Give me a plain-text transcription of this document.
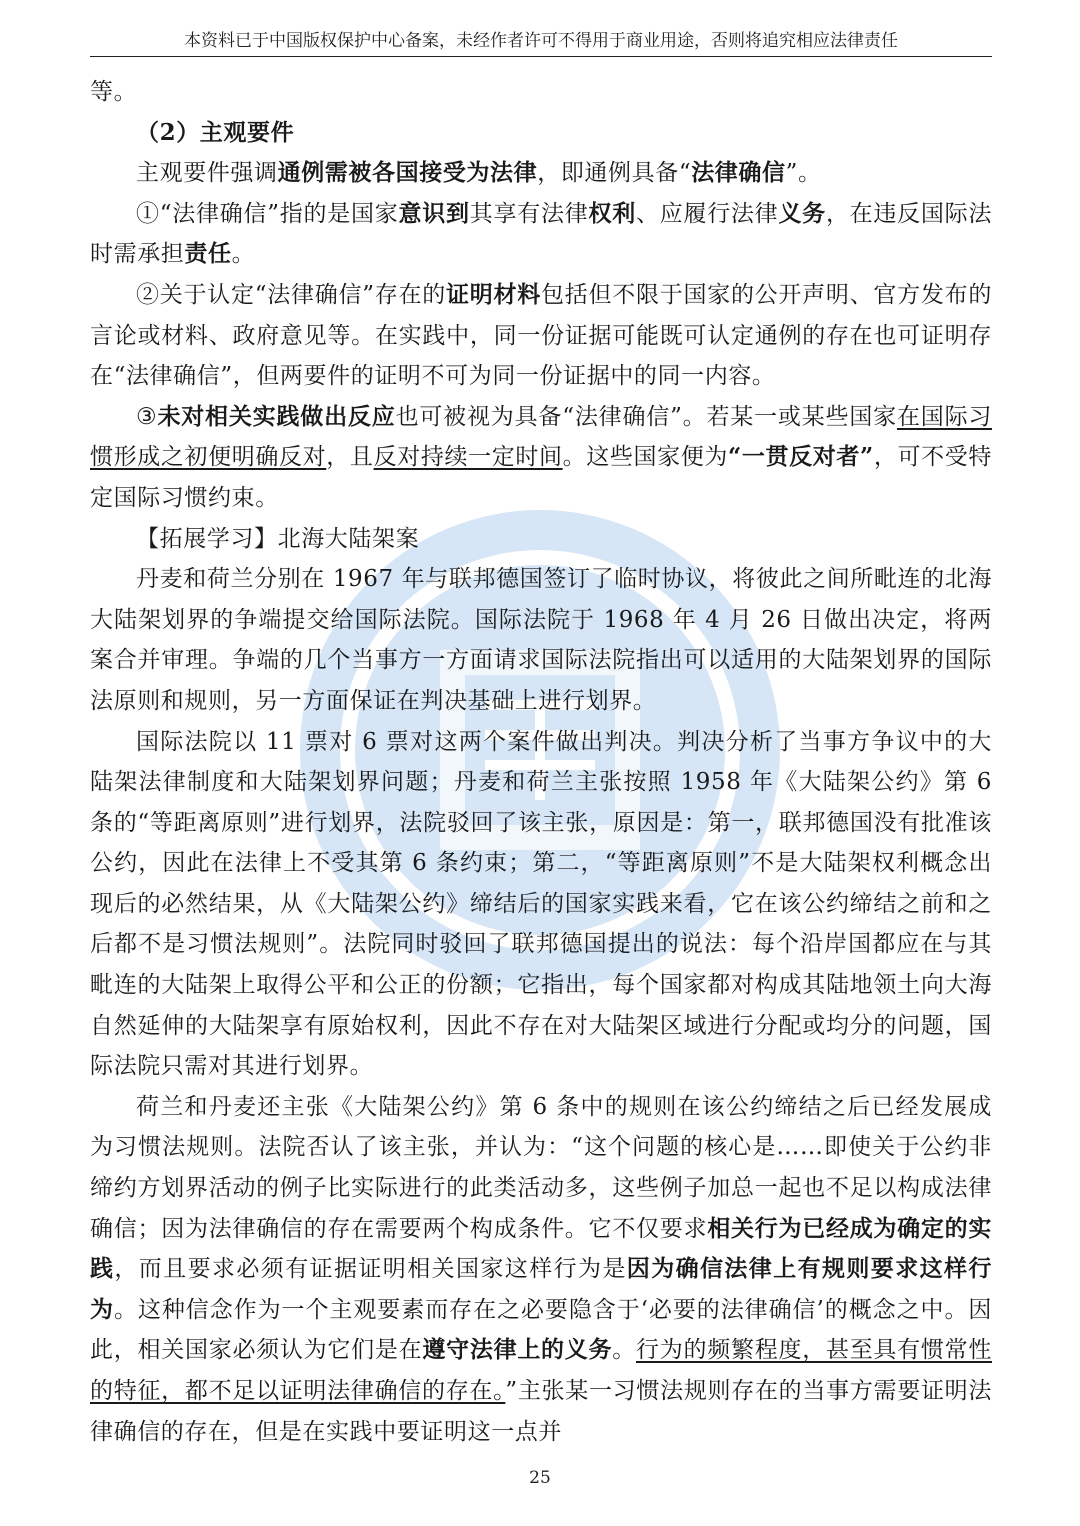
本资料已于中国版权保护中心备案，未经作者许可不得用于商业用途，否则将追究相应法律责任

等。

（2）主观要件

主观要件强调通例需被各国接受为法律，即通例具备“法律确信”。

①“法律确信”指的是国家意识到其享有法律权利、应履行法律义务，在违反国际法时需承担责任。

②关于认定“法律确信”存在的证明材料包括但不限于国家的公开声明、官方发布的言论或材料、政府意见等。在实践中，同一份证据可能既可认定通例的存在也可证明存在“法律确信”，但两要件的证明不可为同一份证据中的同一内容。

③未对相关实践做出反应也可被视为具备“法律确信”。若某一或某些国家在国际习惯形成之初便明确反对，且反对持续一定时间。这些国家便为“一贯反对者”，可不受特定国际习惯约束。

【拓展学习】北海大陆架案

丹麦和荷兰分别在 1967 年与联邦德国签订了临时协议，将彼此之间所毗连的北海大陆架划界的争端提交给国际法院。国际法院于 1968 年 4 月 26 日做出决定，将两案合并审理。争端的几个当事方一方面请求国际法院指出可以适用的大陆架划界的国际法原则和规则，另一方面保证在判决基础上进行划界。

国际法院以 11 票对 6 票对这两个案件做出判决。判决分析了当事方争议中的大陆架法律制度和大陆架划界问题；丹麦和荷兰主张按照 1958 年《大陆架公约》第 6 条的“等距离原则”进行划界，法院驳回了该主张，原因是：第一，联邦德国没有批准该公约，因此在法律上不受其第 6 条约束；第二，“等距离原则”不是大陆架权利概念出现后的必然结果，从《大陆架公约》缔结后的国家实践来看，它在该公约缔结之前和之后都不是习惯法规则”。法院同时驳回了联邦德国提出的说法：每个沿岸国都应在与其毗连的大陆架上取得公平和公正的份额；它指出，每个国家都对构成其陆地领土向大海自然延伸的大陆架享有原始权利，因此不存在对大陆架区域进行分配或均分的问题，国际法院只需对其进行划界。

荷兰和丹麦还主张《大陆架公约》第 6 条中的规则在该公约缔结之后已经发展成为习惯法规则。法院否认了该主张，并认为：“这个问题的核心是……即使关于公约非缔约方划界活动的例子比实际进行的此类活动多，这些例子加总一起也不足以构成法律确信；因为法律确信的存在需要两个构成条件。它不仅要求相关行为已经成为确定的实践，而且要求必须有证据证明相关国家这样行为是因为确信法律上有规则要求这样行为。这种信念作为一个主观要素而存在之必要隐含于‘必要的法律确信’的概念之中。因此，相关国家必须认为它们是在遵守法律上的义务。行为的频繁程度，甚至具有惯常性的特征，都不足以证明法律确信的存在。”主张某一习惯法规则存在的当事方需要证明法律确信的存在，但是在实践中要证明这一点并

25
